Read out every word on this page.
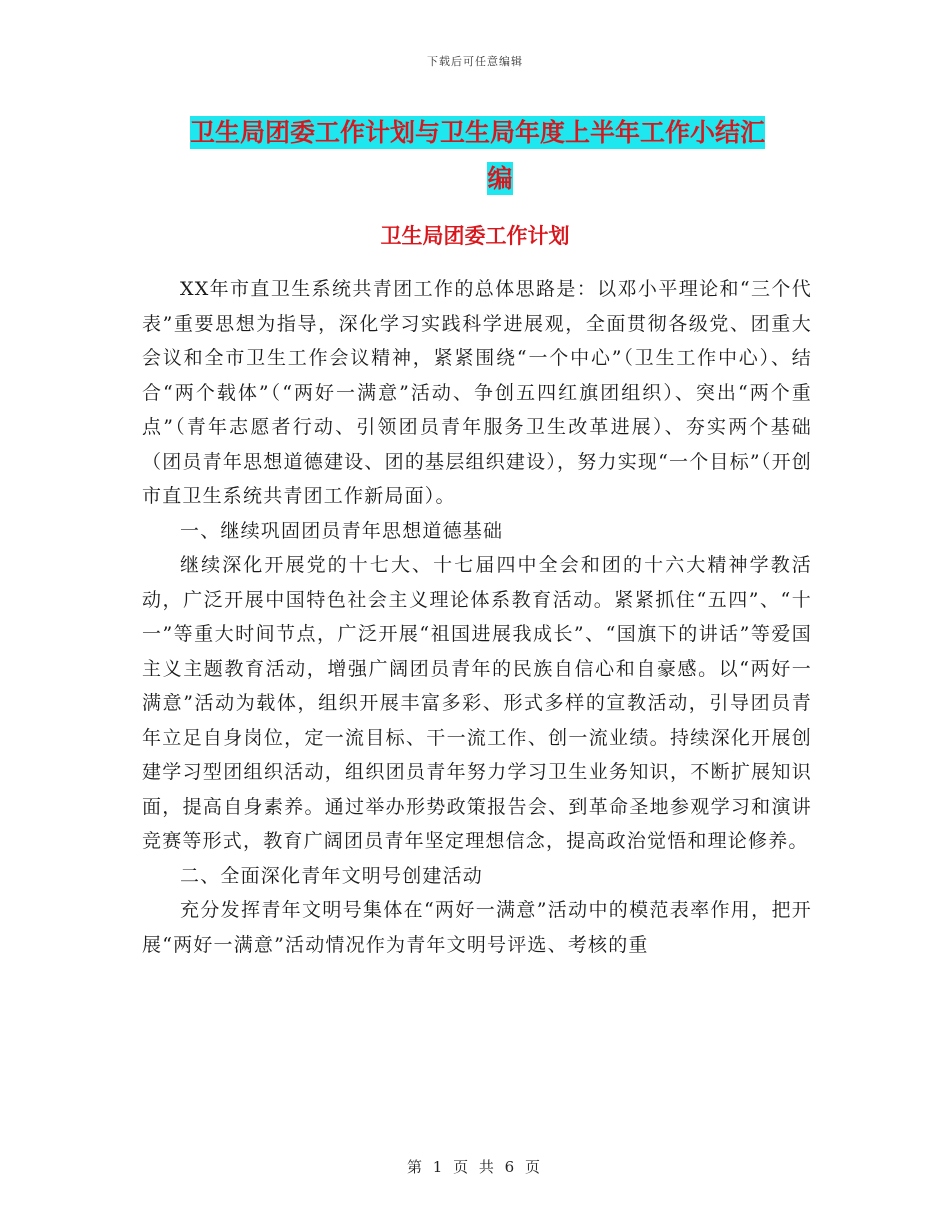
下载后可任意编辑
卫生局团委工作计划与卫生局年度上半年工作小结汇
编
卫生局团委工作计划

XX年市直卫生系统共青团工作的总体思路是：以邓小平理论和“三个代表”重要思想为指导，深化学习实践科学进展观，全面贯彻各级党、团重大会议和全市卫生工作会议精神，紧紧围绕“一个中心”（卫生工作中心）、结合“两个载体”（“两好一满意”活动、争创五四红旗团组织）、突出“两个重点”（青年志愿者行动、引领团员青年服务卫生改革进展）、夯实两个基础（团员青年思想道德建设、团的基层组织建设），努力实现“一个目标”（开创市直卫生系统共青团工作新局面）。

一、继续巩固团员青年思想道德基础

继续深化开展党的十七大、十七届四中全会和团的十六大精神学教活动，广泛开展中国特色社会主义理论体系教育活动。紧紧抓住“五四”、“十一”等重大时间节点，广泛开展“祖国进展我成长”、“国旗下的讲话”等爱国主义主题教育活动，增强广阔团员青年的民族自信心和自豪感。以“两好一满意”活动为载体，组织开展丰富多彩、形式多样的宣教活动，引导团员青年立足自身岗位，定一流目标、干一流工作、创一流业绩。持续深化开展创建学习型团组织活动，组织团员青年努力学习卫生业务知识，不断扩展知识面，提高自身素养。通过举办形势政策报告会、到革命圣地参观学习和演讲竞赛等形式，教育广阔团员青年坚定理想信念，提高政治觉悟和理论修养。

二、全面深化青年文明号创建活动

充分发挥青年文明号集体在“两好一满意”活动中的模范表率作用，把开展“两好一满意”活动情况作为青年文明号评选、考核的重

第 1 页 共 6 页
